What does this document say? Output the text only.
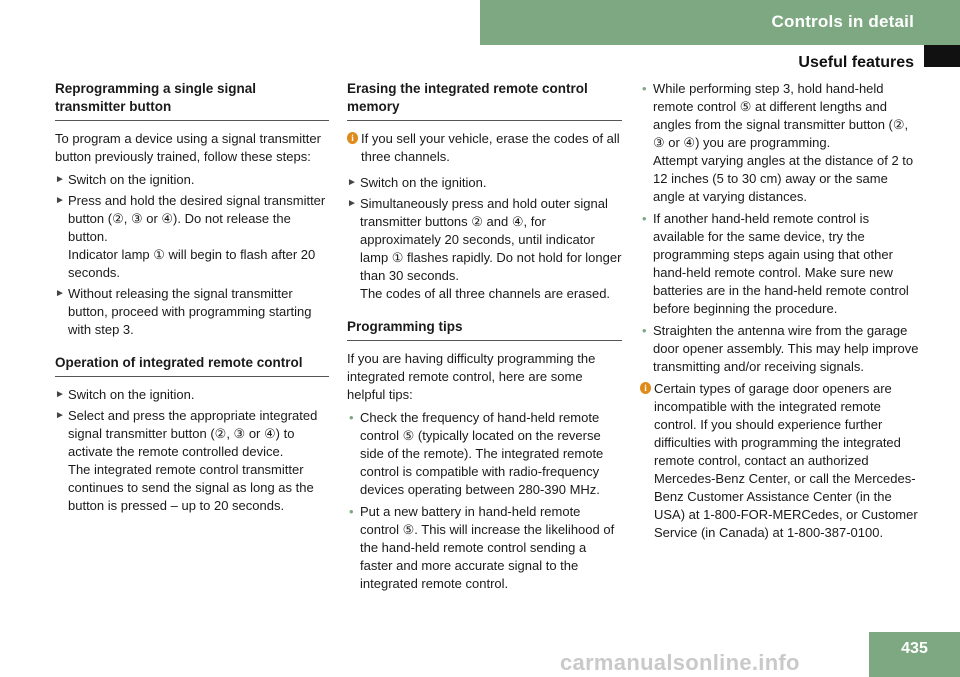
Controls in detail
Useful features
Reprogramming a single signal transmitter button

To program a device using a signal transmitter button previously trained, follow these steps:

► Switch on the ignition.
► Press and hold the desired signal transmitter button (②, ③ or ④). Do not release the button.

Indicator lamp ① will begin to flash after 20 seconds.

► Without releasing the signal transmitter button, proceed with programming starting with step 3.
Operation of integrated remote control
► Switch on the ignition.
► Select and press the appropriate integrated signal transmitter button (②, ③ or ④) to activate the remote controlled device.

The integrated remote control transmitter continues to send the signal as long as the button is pressed – up to 20 seconds.

Erasing the integrated remote control memory
i If you sell your vehicle, erase the codes of all three channels.
► Switch on the ignition.
► Simultaneously press and hold outer signal transmitter buttons ② and ④, for approximately 20 seconds, until indicator lamp ① flashes rapidly. Do not hold for longer than 30 seconds.

The codes of all three channels are erased.

Programming tips

If you are having difficulty programming the integrated remote control, here are some helpful tips:

• Check the frequency of hand-held remote control ⑤ (typically located on the reverse side of the remote). The integrated remote control is compatible with radio-frequency devices operating between 280-390 MHz.
• Put a new battery in hand-held remote control ⑤. This will increase the likelihood of the hand-held remote control sending a faster and more accurate signal to the integrated remote control.
• While performing step 3, hold hand-held remote control ⑤ at different lengths and angles from the signal transmitter button (②, ③ or ④) you are programming.

Attempt varying angles at the distance of 2 to 12 inches (5 to 30 cm) away or the same angle at varying distances.

• If another hand-held remote control is available for the same device, try the programming steps again using that other hand-held remote control. Make sure new batteries are in the hand-held remote control before beginning the procedure.
• Straighten the antenna wire from the garage door opener assembly. This may help improve transmitting and/or receiving signals.
i Certain types of garage door openers are incompatible with the integrated remote control. If you should experience further difficulties with programming the integrated remote control, contact an authorized Mercedes-Benz Center, or call the Mercedes-Benz Customer Assistance Center (in the USA) at 1-800-FOR-MERCedes, or Customer Service (in Canada) at 1-800-387-0100.
435
carmanualsonline.info
